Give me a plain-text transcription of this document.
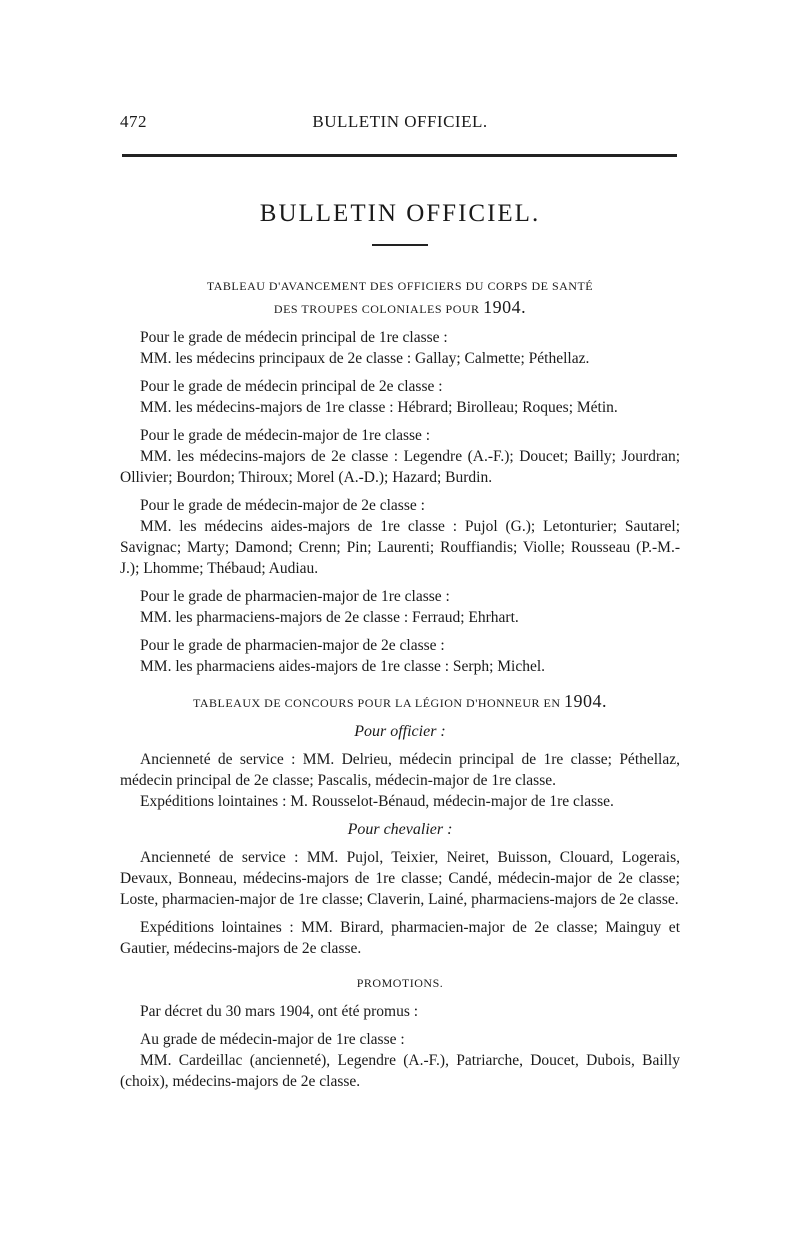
472	BULLETIN OFFICIEL.
BULLETIN OFFICIEL.
TABLEAU D'AVANCEMENT DES OFFICIERS DU CORPS DE SANTÉ
DES TROUPES COLONIALES POUR 1904.

Pour le grade de médecin principal de 1re classe :

MM. les médecins principaux de 2e classe : Gallay; Calmette; Péthellaz.

Pour le grade de médecin principal de 2e classe :

MM. les médecins-majors de 1re classe : Hébrard; Birolleau; Roques; Métin.

Pour le grade de médecin-major de 1re classe :

MM. les médecins-majors de 2e classe : Legendre (A.-F.); Doucet; Bailly; Jourdran; Ollivier; Bourdon; Thiroux; Morel (A.-D.); Hazard; Burdin.

Pour le grade de médecin-major de 2e classe :

MM. les médecins aides-majors de 1re classe : Pujol (G.); Letonturier; Sautarel; Savignac; Marty; Damond; Crenn; Pin; Laurenti; Rouffiandis; Violle; Rousseau (P.-M.-J.); Lhomme; Thébaud; Audiau.

Pour le grade de pharmacien-major de 1re classe :

MM. les pharmaciens-majors de 2e classe : Ferraud; Ehrhart.

Pour le grade de pharmacien-major de 2e classe :

MM. les pharmaciens aides-majors de 1re classe : Serph; Michel.

TABLEAUX DE CONCOURS POUR LA LÉGION D'HONNEUR EN 1904.
Pour officier :

Ancienneté de service : MM. Delrieu, médecin principal de 1re classe; Péthellaz, médecin principal de 2e classe; Pascalis, médecin-major de 1re classe.

Expéditions lointaines : M. Rousselot-Bénaud, médecin-major de 1re classe.

Pour chevalier :

Ancienneté de service : MM. Pujol, Teixier, Neiret, Buisson, Clouard, Logerais, Devaux, Bonneau, médecins-majors de 1re classe; Candé, médecin-major de 2e classe; Loste, pharmacien-major de 1re classe; Claverin, Lainé, pharmaciens-majors de 2e classe.

Expéditions lointaines : MM. Birard, pharmacien-major de 2e classe; Mainguy et Gautier, médecins-majors de 2e classe.

PROMOTIONS.

Par décret du 30 mars 1904, ont été promus :

Au grade de médecin-major de 1re classe :

MM. Cardeillac (ancienneté), Legendre (A.-F.), Patriarche, Doucet, Dubois, Bailly (choix), médecins-majors de 2e classe.
